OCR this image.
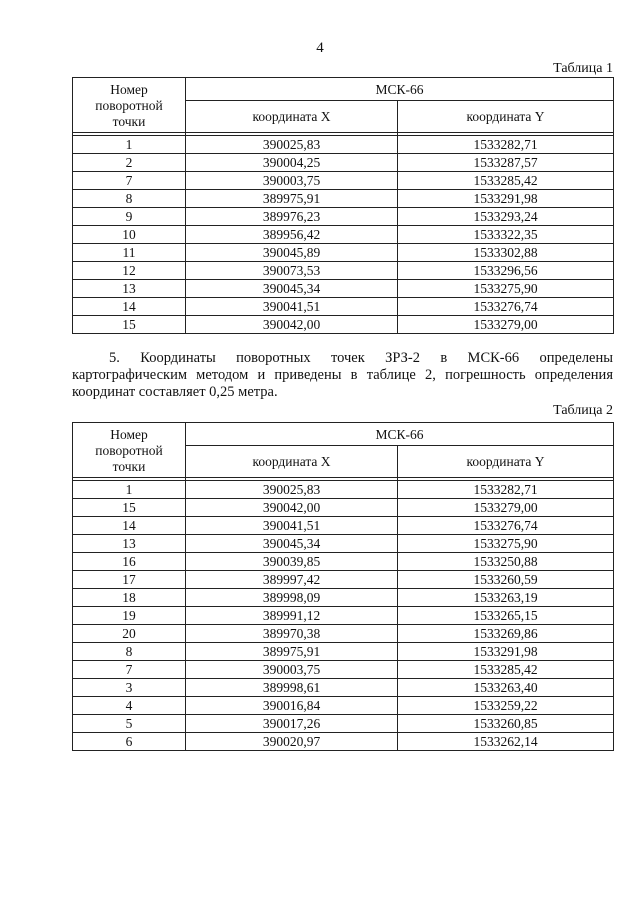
4
Таблица 1
Номер
поворотной
точки	МСК-66	
	координата X	координата Y

1	390025,83	1533282,71
2	390004,25	1533287,57
7	390003,75	1533285,42
8	389975,91	1533291,98
9	389976,23	1533293,24
10	389956,42	1533322,35
11	390045,89	1533302,88
12	390073,53	1533296,56
13	390045,34	1533275,90
14	390041,51	1533276,74
15	390042,00	1533279,00
5. Координаты поворотных точек ЗРЗ-2 в МСК-66 определены картографическим методом и приведены в таблице 2, погрешность определения координат составляет 0,25 метра.
Таблица 2
Номер
поворотной
точки	МСК-66	
	координата X	координата Y

1	390025,83	1533282,71
15	390042,00	1533279,00
14	390041,51	1533276,74
13	390045,34	1533275,90
16	390039,85	1533250,88
17	389997,42	1533260,59
18	389998,09	1533263,19
19	389991,12	1533265,15
20	389970,38	1533269,86
8	389975,91	1533291,98
7	390003,75	1533285,42
3	389998,61	1533263,40
4	390016,84	1533259,22
5	390017,26	1533260,85
6	390020,97	1533262,14
